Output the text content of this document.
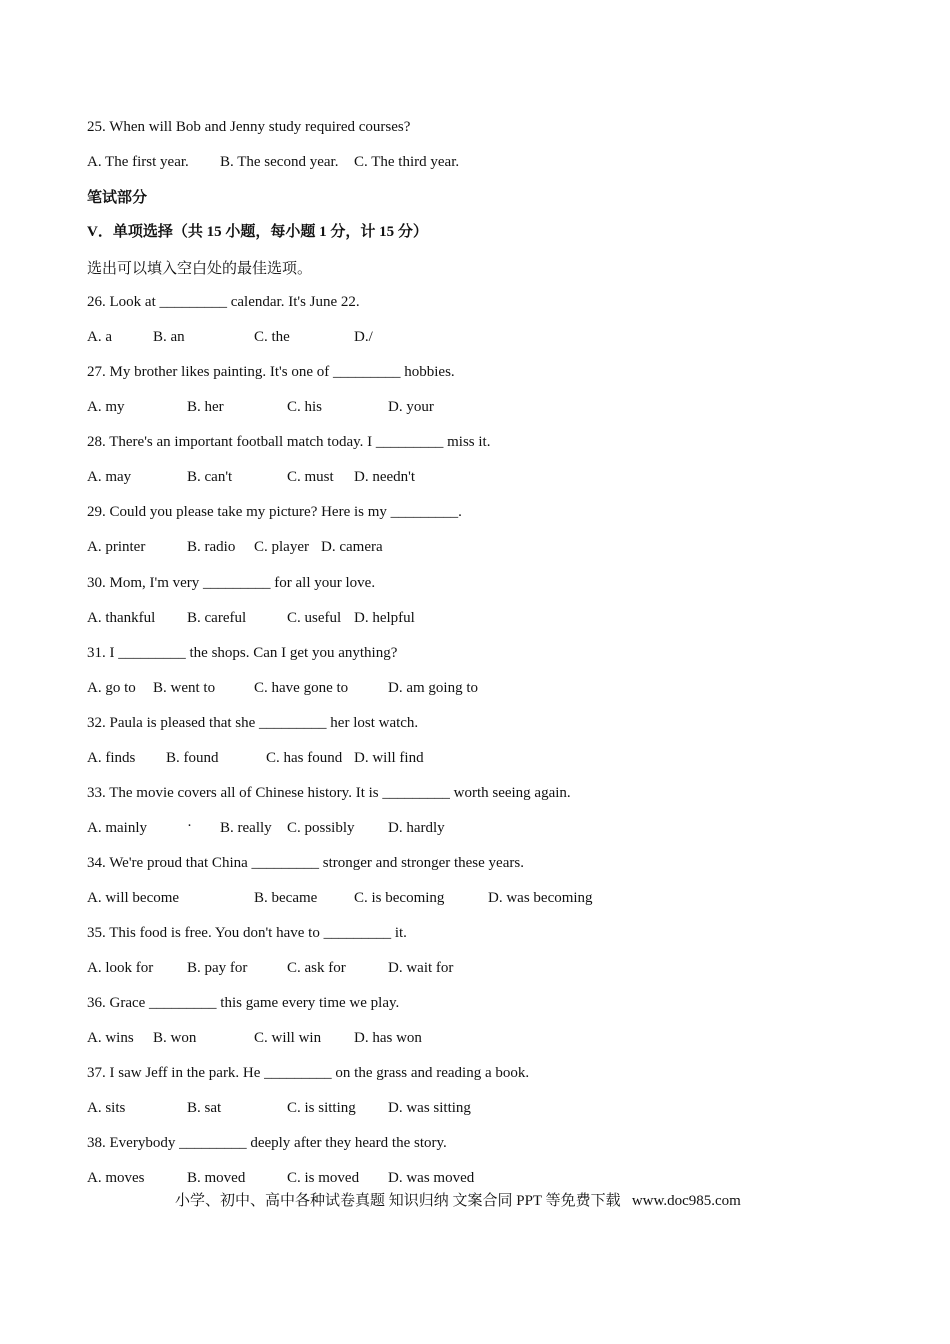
25. When will Bob and Jenny study required courses?
A. The first year. B. The second year. C. The third year.
笔试部分
V．单项选择（共 15 小题，每小题 1 分，计 15 分）
选出可以填入空白处的最佳选项。
26. Look at _________ calendar. It's June 22.
A. a	B. an	C. the	D./
27. My brother likes painting. It's one of _________ hobbies.
A. my	B. her	C. his	D. your
28. There's an important football match today. I _________ miss it.
A. may	B. can't	C. must D. needn't
29. Could you please take my picture? Here is my _________.
A. printer	B. radio C. player D. camera
30. Mom, I'm very _________ for all your love.
A. thankful B. careful	C. useful D. helpful
31. I _________ the shops. Can I get you anything?
A. go to B. went to	C. have gone to	D. am going to
32. Paula is pleased that she _________ her lost watch.
A. finds B. found	C. has found D. will find
33. The movie covers all of Chinese history. It is _________ worth seeing again.
A. mainly	· B. really C. possibly D. hardly
34. We're proud that China _________ stronger and stronger these years.
A. will become	B. became C. is becoming	D. was becoming
35. This food is free. You don't have to _________ it.
A. look for B. pay for	C. ask for	D. wait for
36. Grace _________ this game every time we play.
A. wins B. won	C. will win D. has won
37. I saw Jeff in the park. He _________ on the grass and reading a book.
A. sits	B. sat	C. is sitting D. was sitting
38. Everybody _________ deeply after they heard the story.
A. moves	B. moved	C. is moved D. was moved
小学、初中、高中各种试卷真题 知识归纳 文案合同 PPT 等免费下载   www.doc985.com
